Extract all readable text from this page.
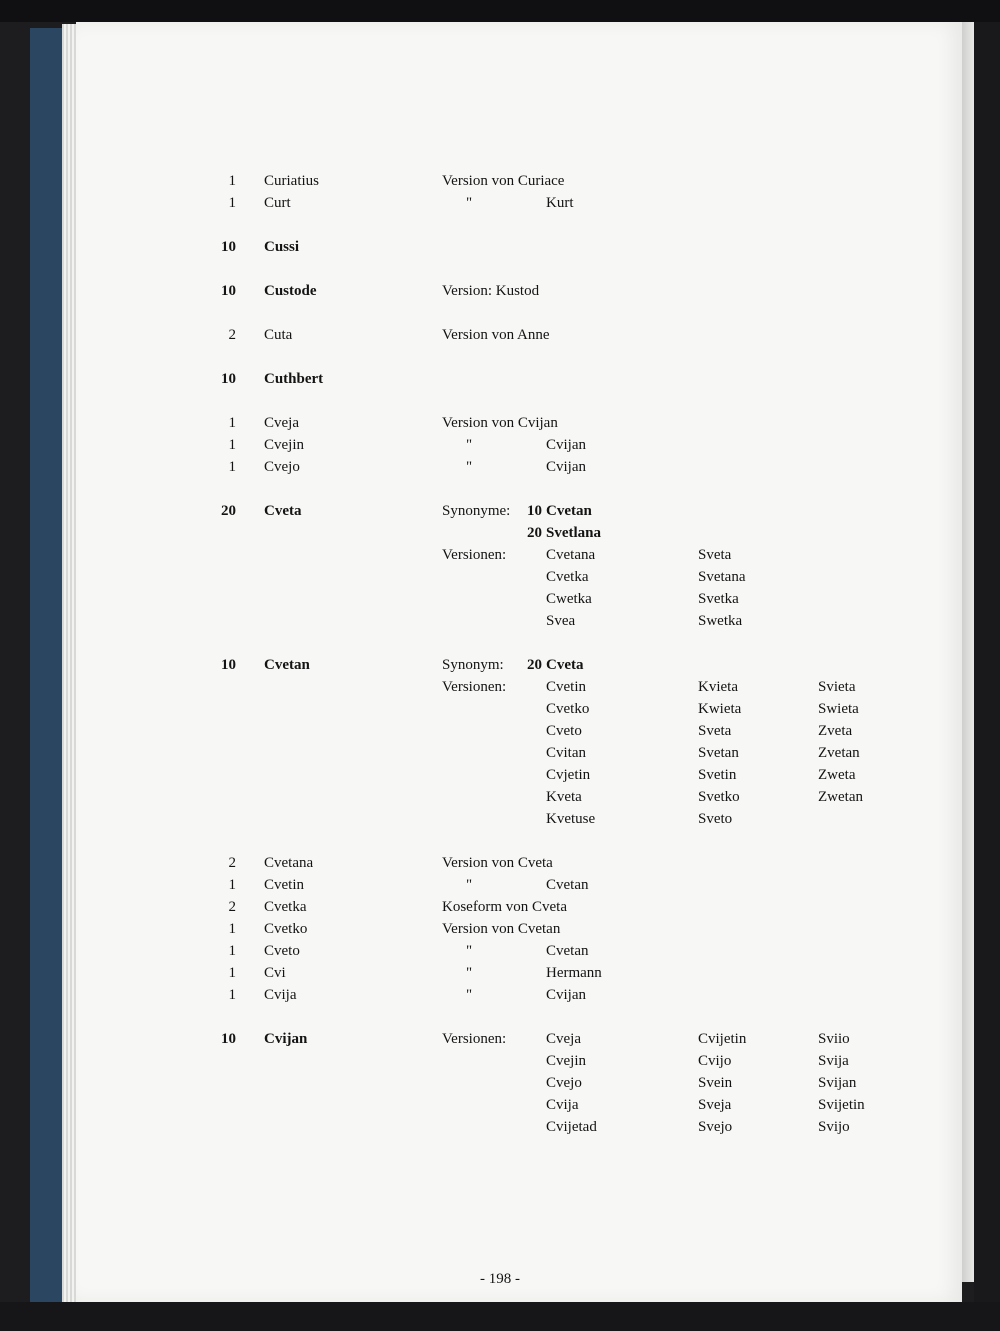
1 Curiatius	Version von Curiace
1 Curt	"	Kurt
10 Cussi
10 Custode	Version: Kustod
2 Cuta	Version von Anne
10 Cuthbert
1 Cveja	Version von Cvijan
1 Cvejin	"	Cvijan
1 Cvejo	"	Cvijan
20 Cveta	Synonyme:	10 Cvetan
20 Svetlana
Versionen:	Cvetana	Sveta
Cvetka	Svetana
Cwetka	Svetka
Svea	Swetka
10 Cvetan	Synonym:	20 Cveta
Versionen:	Cvetin	Kvieta	Svieta
Cvetko	Kwieta	Swieta
Cveto	Sveta	Zveta
Cvitan	Svetan	Zvetan
Cvjetin	Svetin	Zweta
Kveta	Svetko	Zwetan
Kvetuse	Sveto
2 Cvetana	Version von Cveta
1 Cvetin	"	Cvetan
2 Cvetka	Koseform von Cveta
1 Cvetko	Version von Cvetan
1 Cveto	"	Cvetan
1 Cvi	"	Hermann
1 Cvija	"	Cvijan
10 Cvijan	Versionen:	Cveja	Cvijetin	Sviio
Cvejin	Cvijo	Svija
Cvejo	Svein	Svijan
Cvija	Sveja	Svijetin
Cvijetad	Svejo	Svijo
- 198 -
